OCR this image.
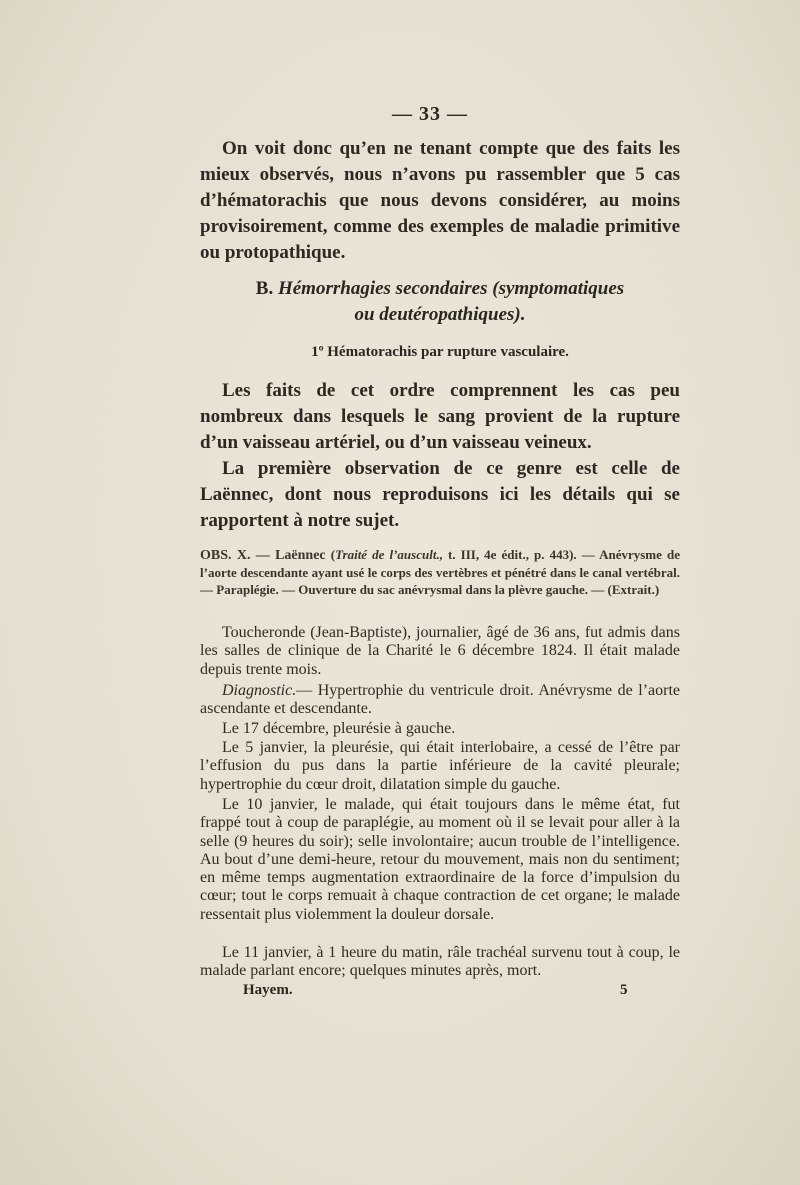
— 33 —

On voit donc qu’en ne tenant compte que des faits les mieux observés, nous n’avons pu rassembler que 5 cas d’hématorachis que nous devons considérer, au moins provisoirement, comme des exemples de maladie primitive ou protopathique.

B. Hémorrhagies secondaires (symptomatiques
ou deutéropathiques).

1º Hématorachis par rupture vasculaire.

Les faits de cet ordre comprennent les cas peu nombreux dans lesquels le sang provient de la rupture d’un vaisseau artériel, ou d’un vaisseau veineux.

La première observation de ce genre est celle de Laënnec, dont nous reproduisons ici les détails qui se rapportent à notre sujet.

OBS. X. — Laënnec (Traité de l’auscult., t. III, 4e édit., p. 443). — Anévrysme de l’aorte descendante ayant usé le corps des vertèbres et pénétré dans le canal vertébral. — Paraplégie. — Ouverture du sac anévrysmal dans la plèvre gauche. — (Extrait.)

Toucheronde (Jean-Baptiste), journalier, âgé de 36 ans, fut admis dans les salles de clinique de la Charité le 6 décembre 1824. Il était malade depuis trente mois.

Diagnostic.— Hypertrophie du ventricule droit. Anévrysme de l’aorte ascendante et descendante.

Le 17 décembre, pleurésie à gauche.

Le 5 janvier, la pleurésie, qui était interlobaire, a cessé de l’être par l’effusion du pus dans la partie inférieure de la cavité pleurale; hypertrophie du cœur droit, dilatation simple du gauche.

Le 10 janvier, le malade, qui était toujours dans le même état, fut frappé tout à coup de paraplégie, au moment où il se levait pour aller à la selle (9 heures du soir); selle involontaire; aucun trouble de l’intelligence. Au bout d’une demi-heure, retour du mouvement, mais non du sentiment; en même temps augmentation extraordinaire de la force d’impulsion du cœur; tout le corps remuait à chaque contraction de cet organe; le malade ressentait plus violemment la douleur dorsale.

Le 11 janvier, à 1 heure du matin, râle trachéal survenu tout à coup, le malade parlant encore; quelques minutes après, mort.

Hayem.	5
